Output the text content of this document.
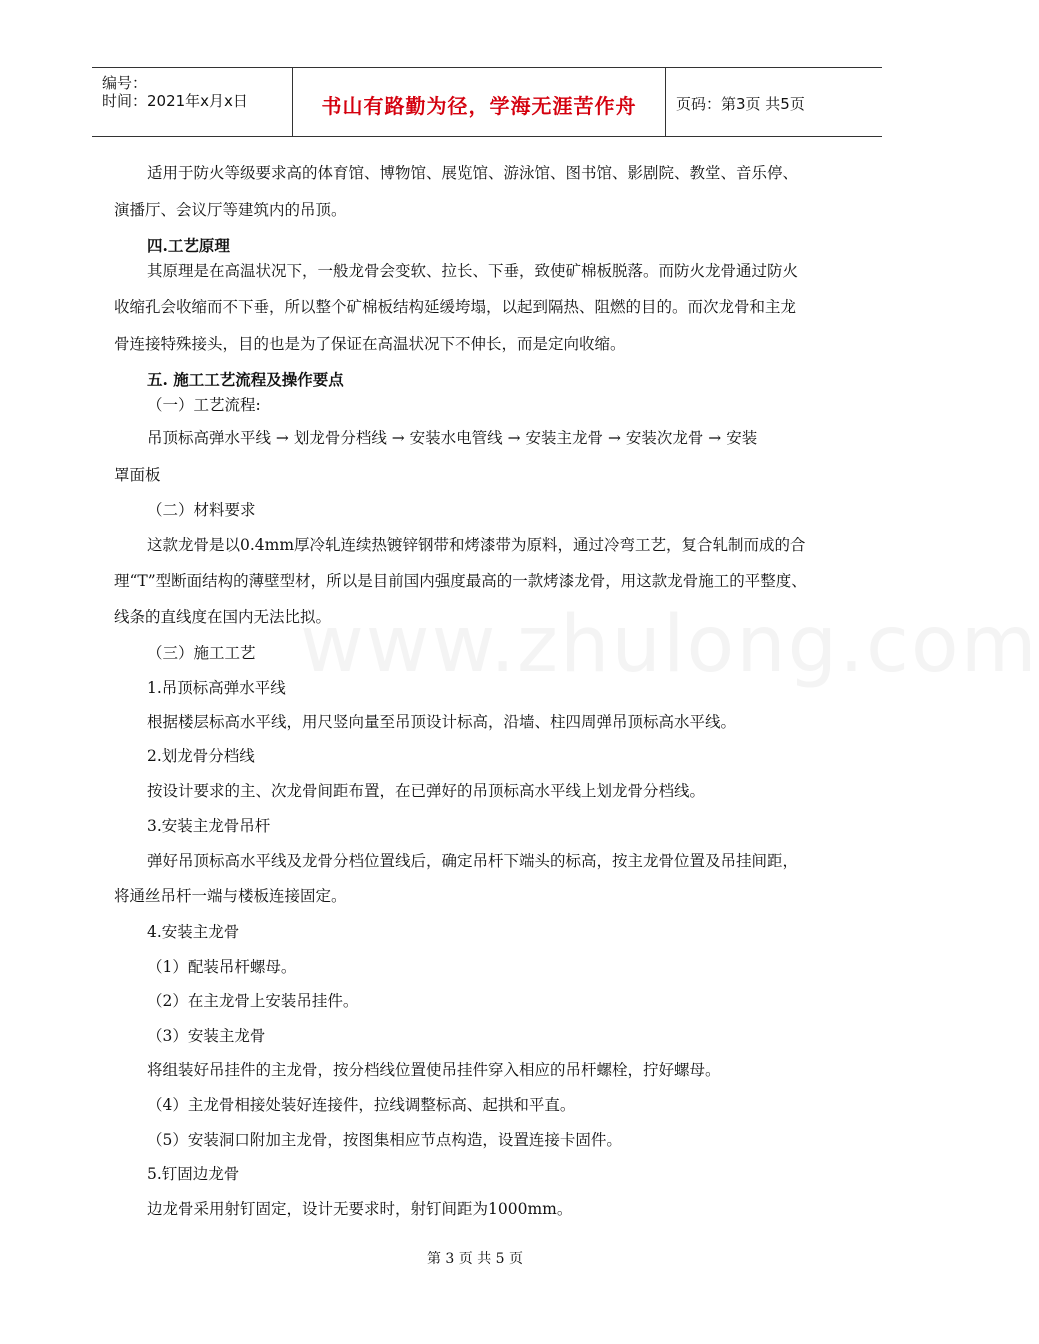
编号：
时间：2021年x月x日	书山有路勤为径，学海无涯苦作舟	页码：第3页 共5页
www.zhulong.com
适用于防火等级要求高的体育馆、博物馆、展览馆、游泳馆、图书馆、影剧院、教堂、音乐停、
演播厅、会议厅等建筑内的吊顶。
四.工艺原理
其原理是在高温状况下，一般龙骨会变软、拉长、下垂，致使矿棉板脱落。而防火龙骨通过防火
收缩孔会收缩而不下垂，所以整个矿棉板结构延缓垮塌，以起到隔热、阻燃的目的。而次龙骨和主龙
骨连接特殊接头，目的也是为了保证在高温状况下不伸长，而是定向收缩。
五. 施工工艺流程及操作要点
（一）工艺流程:
吊顶标高弹水平线 → 划龙骨分档线 → 安装水电管线 → 安装主龙骨 → 安装次龙骨 → 安装
罩面板
（二）材料要求
这款龙骨是以0.4mm厚冷轧连续热镀锌钢带和烤漆带为原料，通过冷弯工艺，复合轧制而成的合
理“T”型断面结构的薄壁型材，所以是目前国内强度最高的一款烤漆龙骨，用这款龙骨施工的平整度、
线条的直线度在国内无法比拟。
（三）施工工艺
1.吊顶标高弹水平线
根据楼层标高水平线，用尺竖向量至吊顶设计标高，沿墙、柱四周弹吊顶标高水平线。
2.划龙骨分档线
按设计要求的主、次龙骨间距布置，在已弹好的吊顶标高水平线上划龙骨分档线。
3.安装主龙骨吊杆
弹好吊顶标高水平线及龙骨分档位置线后，确定吊杆下端头的标高，按主龙骨位置及吊挂间距，
将通丝吊杆一端与楼板连接固定。
4.安装主龙骨
（1）配装吊杆螺母。
（2）在主龙骨上安装吊挂件。
（3）安装主龙骨
将组装好吊挂件的主龙骨，按分档线位置使吊挂件穿入相应的吊杆螺栓，拧好螺母。
（4）主龙骨相接处装好连接件，拉线调整标高、起拱和平直。
（5）安装洞口附加主龙骨，按图集相应节点构造，设置连接卡固件。
5.钉固边龙骨
边龙骨采用射钉固定，设计无要求时，射钉间距为1000mm。
第 3 页 共 5 页
